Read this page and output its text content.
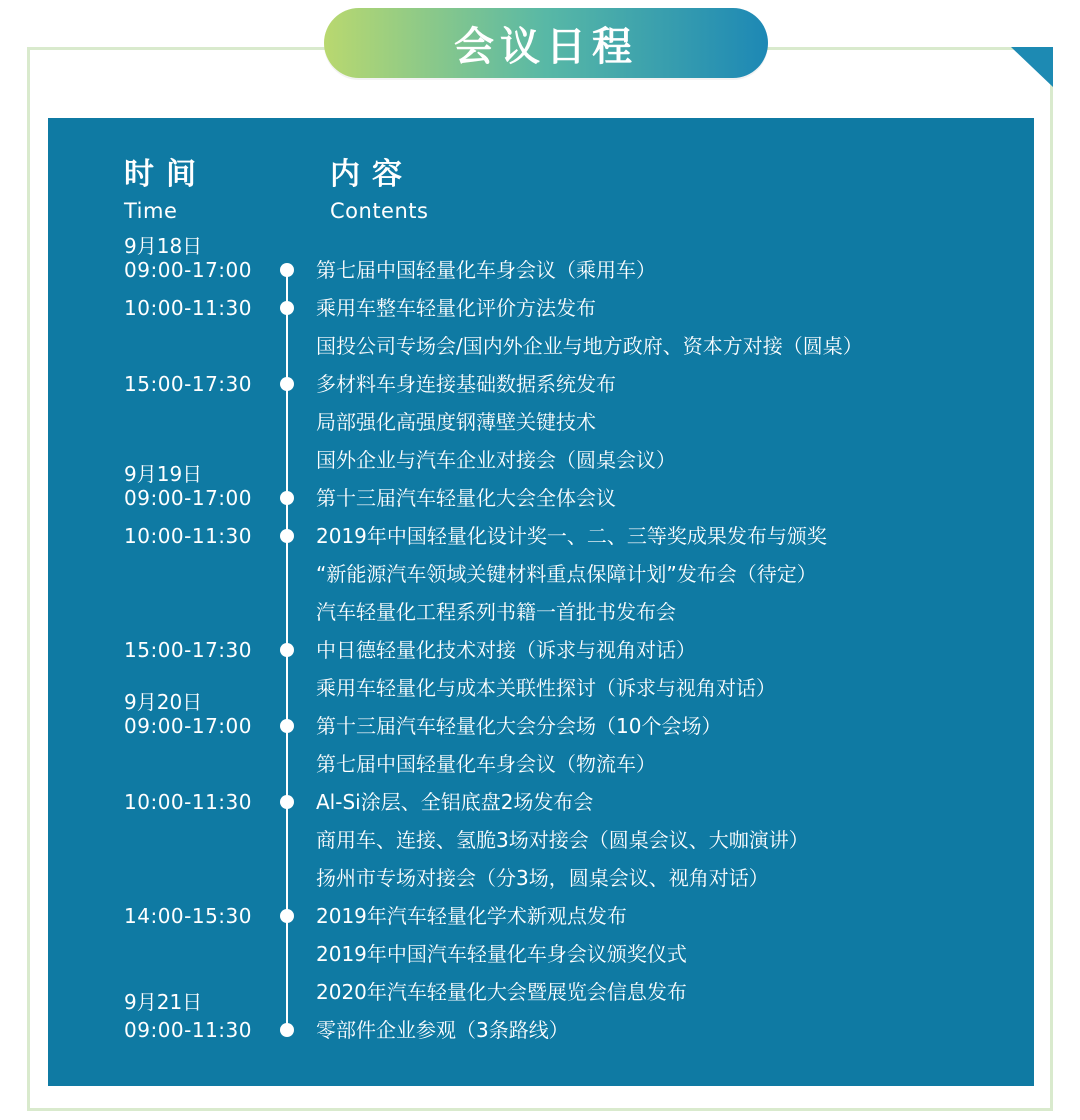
会议日程
时间
Time
内容
Contents
9月18日
9月19日
9月20日
9月21日
09:00-17:00
10:00-11:30
15:00-17:30
09:00-17:00
10:00-11:30
15:00-17:30
09:00-17:00
10:00-11:30
14:00-15:30
09:00-11:30
第七届中国轻量化车身会议（乘用车）
乘用车整车轻量化评价方法发布
国投公司专场会/国内外企业与地方政府、资本方对接（圆桌）
多材料车身连接基础数据系统发布
局部强化高强度钢薄壁关键技术
国外企业与汽车企业对接会（圆桌会议）
第十三届汽车轻量化大会全体会议
2019年中国轻量化设计奖一、二、三等奖成果发布与颁奖
“新能源汽车领域关键材料重点保障计划”发布会（待定）
汽车轻量化工程系列书籍一首批书发布会
中日德轻量化技术对接（诉求与视角对话）
乘用车轻量化与成本关联性探讨（诉求与视角对话）
第十三届汽车轻量化大会分会场（10个会场）
第七届中国轻量化车身会议（物流车）
Al-Si涂层、全铝底盘2场发布会
商用车、连接、氢脆3场对接会（圆桌会议、大咖演讲）
扬州市专场对接会（分3场，圆桌会议、视角对话）
2019年汽车轻量化学术新观点发布
2019年中国汽车轻量化车身会议颁奖仪式
2020年汽车轻量化大会暨展览会信息发布
零部件企业参观（3条路线）
